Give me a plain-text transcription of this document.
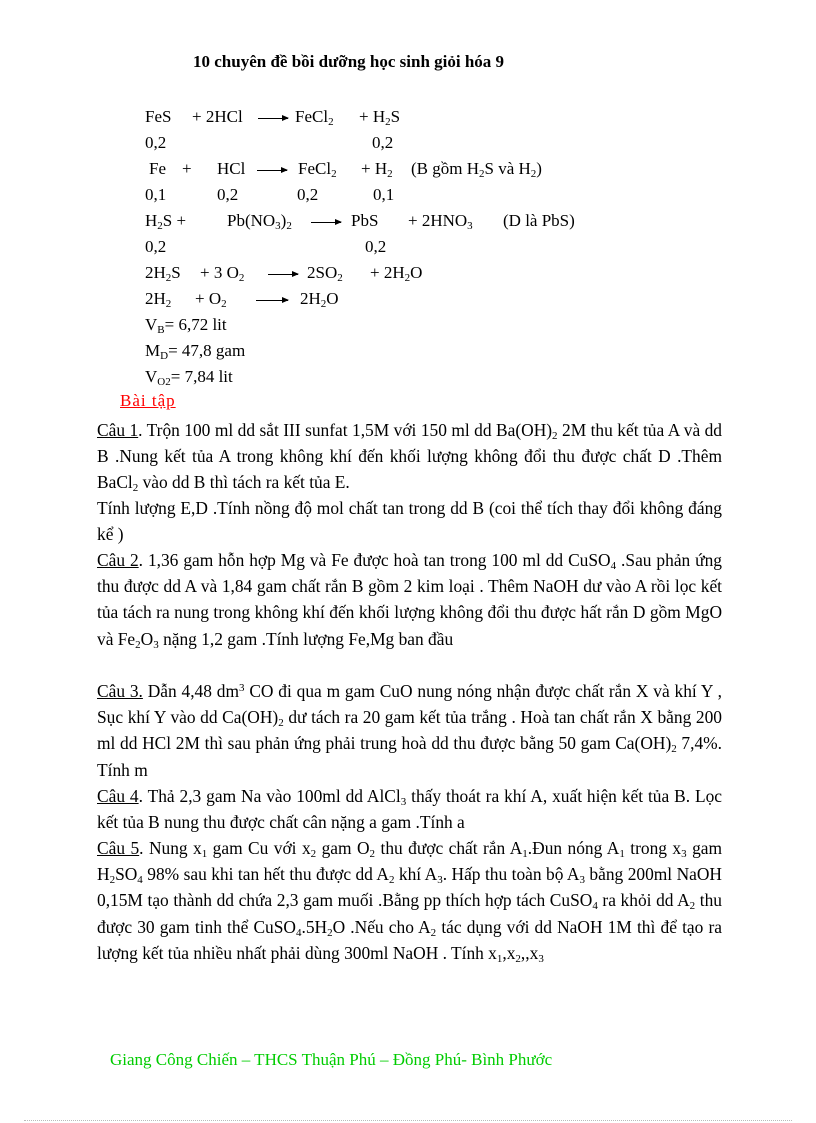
10 chuyên đề bồi dưỡng học sinh giỏi hóa 9
FeS + 2HCl → FeCl$_2$ + $H_2S$
0,2	0,2
Fe + HCl → FeCl$_2$ + $H_2$ (B gồm $H_2S$ và $H_2$)
0,1	0,2	0,2	0,1
$H_2S + Pb(NO_3)_2$ → PbS + $2HNO_3$ (D là PbS)
0,2	0,2
$2H_2S + 3$ $O_2 \to 2SO_2 + 2H_2O$
$2H_2 + O_2 \to 2H_2O$
$V_B= 6,72$ lit
$M_D= 47,8$ gam
$V_{O2}= 7,84$ lit
Bài tập
Câu 1. Trộn 100 ml dd sắt III sunfat 1,5M với 150 ml dd $Ba(OH)_2$ 2M thu kết tủa A và dd B .Nung kết tủa A trong không khí đến khối lượng không đổi thu được chất D .Thêm BaCl$_2$ vào dd B thì tách ra kết tủa E.
Tính lượng E,D .Tính nồng độ mol chất tan trong dd B (coi thể tích thay đổi không đáng kể )
Câu 2. 1,36 gam hỗn hợp Mg và Fe được hoà tan trong 100 ml dd CuSO$_4$ .Sau phản ứng thu được dd A và 1,84 gam chất rắn B gồm 2 kim loại . Thêm NaOH dư vào A rồi lọc kết tủa tách ra nung trong không khí đến khối lượng không đổi thu được hất rắn D gồm MgO và $Fe_2O_3$ nặng 1,2 gam .Tính lượng Fe,Mg ban đầu
Câu 3. Dẫn 4,48 $dm^3$ CO đi qua m gam CuO nung nóng nhận được chất rắn X và khí Y , Sục khí Y vào dd $Ca(OH)_2$ dư tách ra 20 gam kết tủa trắng . Hoà tan chất rắn X bằng 200 ml dd HCl 2M thì sau phản ứng phải trung hoà dd thu được bằng 50 gam $Ca(OH)_2$ 7,4%. Tính m
Câu 4. Thả 2,3 gam Na vào 100ml dd AlCl$_3$ thấy thoát ra khí A, xuất hiện kết tủa B. Lọc kết tủa B nung thu được chất cân nặng a gam .Tính a
Câu 5. Nung $x_1$ gam Cu với $x_2$ gam $O_2$ thu được chất rắn $A_1.Đun$ nóng $A_1$ trong $x_3$ gam $H_2SO_4$ 98% sau khi tan hết thu được dd $A_2$ khí $A_3$. Hấp thu toàn bộ $A_3$ bằng 200ml NaOH 0,15M tạo thành dd chứa 2,3 gam muối .Bằng pp thích hợp tách CuSO$_4$ ra khỏi dd $A_2$ thu được 30 gam tinh thể $CuSO_4.5H_2O$ .Nếu cho $A_2$ tác dụng với dd NaOH 1M thì để tạo ra lượng kết tủa nhiều nhất phải dùng 300ml NaOH . Tính $x_1,x_2,,x_3$
Giang Công Chiến – THCS Thuận Phú – Đồng Phú- Bình Phước
